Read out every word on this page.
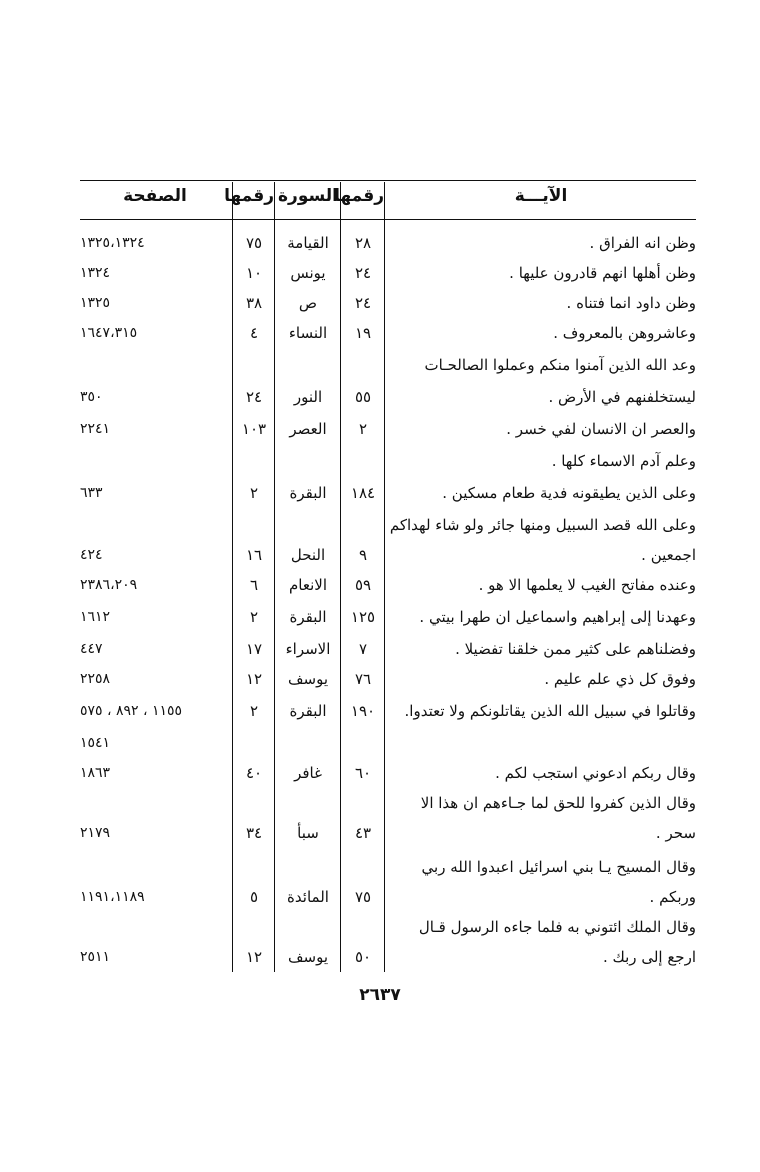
الآيـــة
رقمها
السورة
رقمها
الصفحة
وظن انه الفراق .
٢٨
القيامة
٧٥
١٣٢٥،١٣٢٤
وظن أهلها انهم قادرون عليها .
٢٤
يونس
١٠
١٣٢٤
وظن داود انما فتناه .
٢٤
ص
٣٨
١٣٢٥
وعاشروهن بالمعروف .
١٩
النساء
٤
١٦٤٧،٣١٥
وعد الله الذين آمنوا منكم وعملوا الصالحـات
ليستخلفنهم في الأرض .
٥٥
النور
٢٤
٣٥٠
والعصر ان الانسان لفي خسر .
٢
العصر
١٠٣
٢٢٤١
وعلم آدم الاسماء كلها .
وعلى الذين يطيقونه فدية طعام مسكين .
١٨٤
البقرة
٢
٦٣٣
وعلى الله قصد السبيل ومنها جائر ولو شاء لهداكم
اجمعين .
٩
النحل
١٦
٤٢٤
وعنده مفاتح الغيب لا يعلمها الا هو .
٥٩
الانعام
٦
٢٣٨٦،٢٠٩
وعهدنا إلى إبراهيم واسماعيل ان طهرا بيتي .
١٢٥
البقرة
٢
١٦١٢
وفضلناهم على كثير ممن خلقنا تفضيلا .
٧
الاسراء
١٧
٤٤٧
وفوق كل ذي علم عليم .
٧٦
يوسف
١٢
٢٢٥٨
وقاتلوا في سبيل الله الذين يقاتلونكم ولا تعتدوا.
١٩٠
البقرة
٢
١١٥٥ ، ٨٩٢ ، ٥٧٥
١٥٤١
وقال ربكم ادعوني استجب لكم .
٦٠
غافر
٤٠
١٨٦٣
وقال الذين كفروا للحق لما جـاءهم ان هذا الا
سحر .
٤٣
سبأ
٣٤
٢١٧٩
وقال المسيح يـا بني اسرائيل اعبدوا الله ربي
وربكم .
٧٥
المائدة
٥
١١٩١،١١٨٩
وقال الملك ائتوني به فلما جاءه الرسول قـال
ارجع إلى ربك .
٥٠
يوسف
١٢
٢٥١١
٢٦٣٧
